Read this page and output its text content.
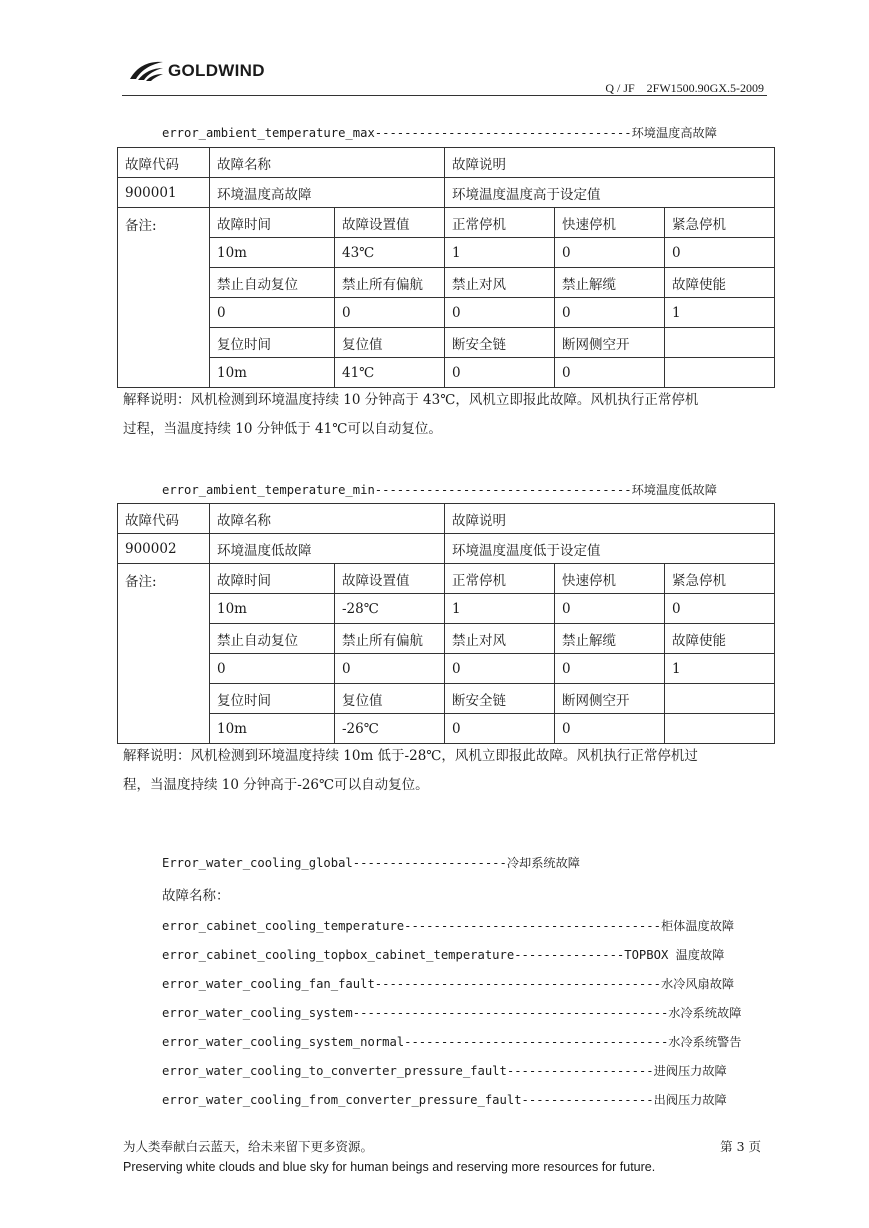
GOLDWIND
Q / JF　2FW1500.90GX.5-2009
error_ambient_temperature_max-----------------------------------环境温度高故障
故障代码	故障名称		故障说明		
900001	环境温度高故障		环境温度温度高于设定值		
备注:	故障时间	故障设置值	正常停机	快速停机	紧急停机
	10m	43℃	1	0	0
	禁止自动复位	禁止所有偏航	禁止对风	禁止解缆	故障使能
	0	0	0	0	1
	复位时间	复位值	断安全链	断网侧空开	
	10m	41℃	0	0	
解释说明：风机检测到环境温度持续 10 分钟高于 43℃，风机立即报此故障。风机执行正常停机
过程，当温度持续 10 分钟低于 41℃可以自动复位。
error_ambient_temperature_min-----------------------------------环境温度低故障
故障代码	故障名称		故障说明		
900002	环境温度低故障		环境温度温度低于设定值		
备注:	故障时间	故障设置值	正常停机	快速停机	紧急停机
	10m	-28℃	1	0	0
	禁止自动复位	禁止所有偏航	禁止对风	禁止解缆	故障使能
	0	0	0	0	1
	复位时间	复位值	断安全链	断网侧空开	
	10m	-26℃	0	0	
解释说明：风机检测到环境温度持续 10m 低于-28℃，风机立即报此故障。风机执行正常停机过
程，当温度持续 10 分钟高于-26℃可以自动复位。
Error_water_cooling_global---------------------冷却系统故障
故障名称：
error_cabinet_cooling_temperature-----------------------------------柜体温度故障
error_cabinet_cooling_topbox_cabinet_temperature---------------TOPBOX 温度故障
error_water_cooling_fan_fault---------------------------------------水冷风扇故障
error_water_cooling_system-------------------------------------------水冷系统故障
error_water_cooling_system_normal------------------------------------水冷系统警告
error_water_cooling_to_converter_pressure_fault--------------------进阀压力故障
error_water_cooling_from_converter_pressure_fault------------------出阀压力故障
为人类奉献白云蓝天，给未来留下更多资源。	第 3 页
Preserving white clouds and blue sky for human beings and reserving more resources for future.
